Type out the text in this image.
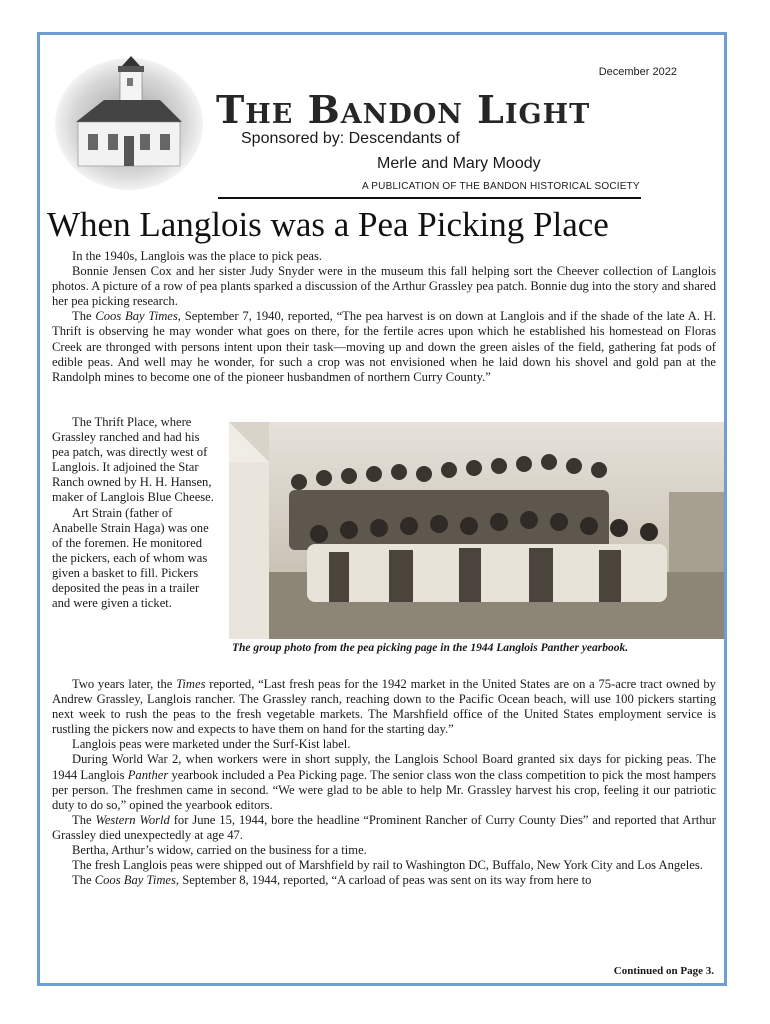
December 2022
The Bandon Light
Sponsored by: Descendants of
Merle and Mary Moody
A PUBLICATION OF THE BANDON HISTORICAL SOCIETY
When Langlois was a Pea Picking Place

In the 1940s, Langlois was the place to pick peas.

Bonnie Jensen Cox and her sister Judy Snyder were in the museum this fall helping sort the Cheever collection of Langlois photos. A picture of a row of pea plants sparked a discussion of the Arthur Grassley pea patch. Bonnie dug into the story and shared her pea picking research.

The Coos Bay Times, September 7, 1940, reported, “The pea harvest is on down at Langlois and if the shade of the late A. H. Thrift is observing he may wonder what goes on there, for the fertile acres upon which he established his homestead on Floras Creek are thronged with persons intent upon their task—moving up and down the green aisles of the field, gathering fat pods of edible peas. And well may he wonder, for such a crop was not envisioned when he laid down his shovel and gold pan at the Randolph mines to become one of the pioneer husbandmen of northern Curry County.”

The Thrift Place, where Grassley ranched and had his pea patch, was directly west of Langlois. It adjoined the Star Ranch owned by H. H. Hansen, maker of Langlois Blue Cheese.

Art Strain (father of Anabelle Strain Haga) was one of the foremen. He monitored the pickers, each of whom was given a basket to fill. Pickers deposited the peas in a trailer and were given a ticket.

The group photo from the pea picking page in the 1944 Langlois Panther yearbook.

Two years later, the Times reported, “Last fresh peas for the 1942 market in the United States are on a 75-acre tract owned by Andrew Grassley, Langlois rancher. The Grassley ranch, reaching down to the Pacific Ocean beach, will use 100 pickers starting next week to rush the peas to the fresh vegetable markets. The Marshfield office of the United States employment service is rustling the pickers now and expects to have them on hand for the starting day.”

Langlois peas were marketed under the Surf-Kist label.

During World War 2, when workers were in short supply, the Langlois School Board granted six days for picking peas. The 1944 Langlois Panther yearbook included a Pea Picking page. The senior class won the class competition to pick the most hampers per person. The freshmen came in second. “We were glad to be able to help Mr. Grassley harvest his crop, feeling it our patriotic duty to do so,” opined the yearbook editors.

The Western World for June 15, 1944, bore the headline “Prominent Rancher of Curry County Dies” and reported that Arthur Grassley died unexpectedly at age 47.

Bertha, Arthur’s widow, carried on the business for a time.

The fresh Langlois peas were shipped out of Marshfield by rail to Washington DC, Buffalo, New York City and Los Angeles.

The Coos Bay Times, September 8, 1944, reported, “A carload of peas was sent on its way from here to

Continued on Page 3.
